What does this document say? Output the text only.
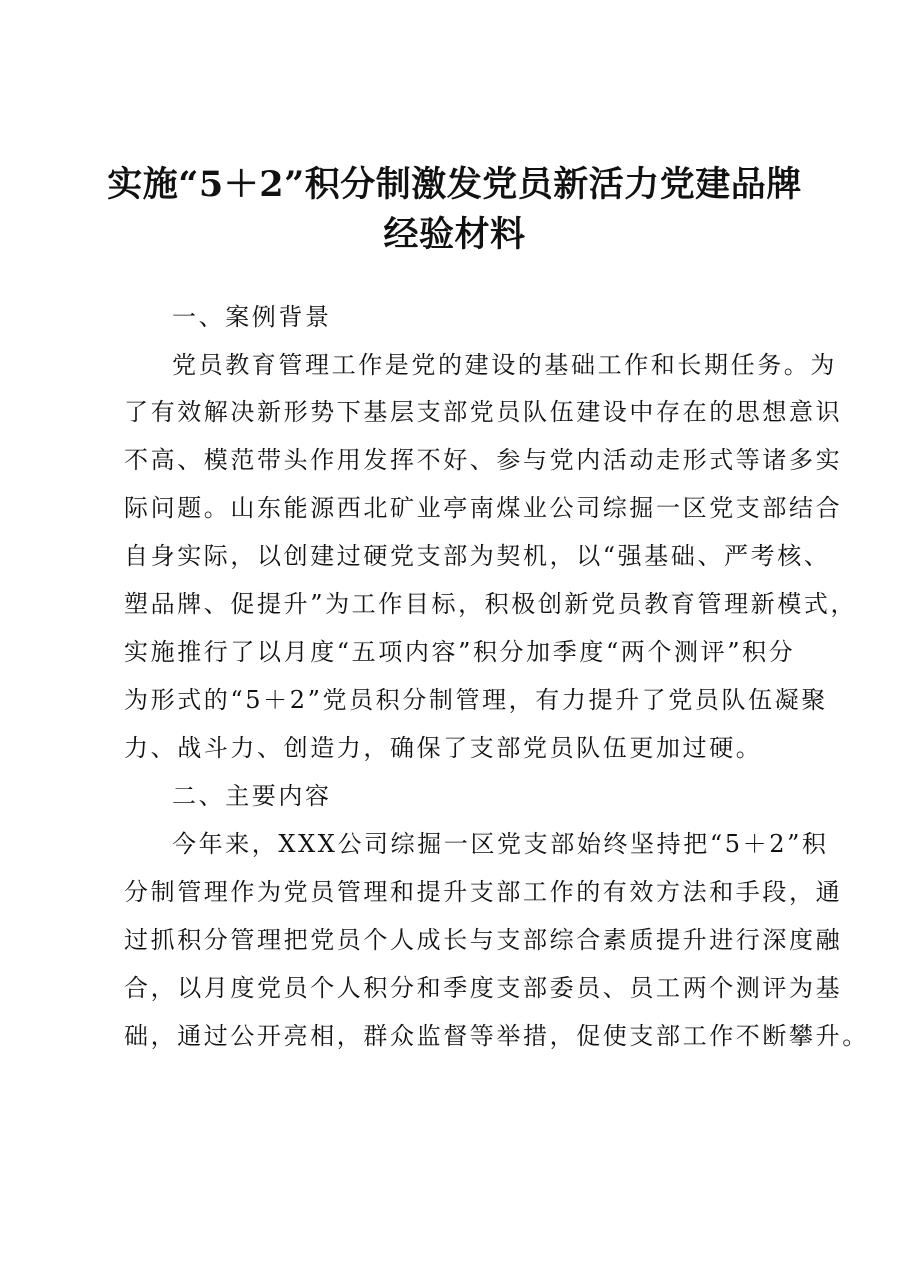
实施“5＋2”积分制激发党员新活力党建品牌
经验材料

一、案例背景

党员教育管理工作是党的建设的基础工作和长期任务。为

了有效解决新形势下基层支部党员队伍建设中存在的思想意识

不高、模范带头作用发挥不好、参与党内活动走形式等诸多实

际问题。山东能源西北矿业亭南煤业公司综掘一区党支部结合

自身实际，以创建过硬党支部为契机，以“强基础、严考核、

塑品牌、促提升”为工作目标，积极创新党员教育管理新模式，

实施推行了以月度“五项内容”积分加季度“两个测评”积分

为形式的“5＋2”党员积分制管理，有力提升了党员队伍凝聚

力、战斗力、创造力，确保了支部党员队伍更加过硬。

二、主要内容

今年来，XXX公司综掘一区党支部始终坚持把“5＋2”积

分制管理作为党员管理和提升支部工作的有效方法和手段，通

过抓积分管理把党员个人成长与支部综合素质提升进行深度融

合，以月度党员个人积分和季度支部委员、员工两个测评为基

础，通过公开亮相，群众监督等举措，促使支部工作不断攀升。
